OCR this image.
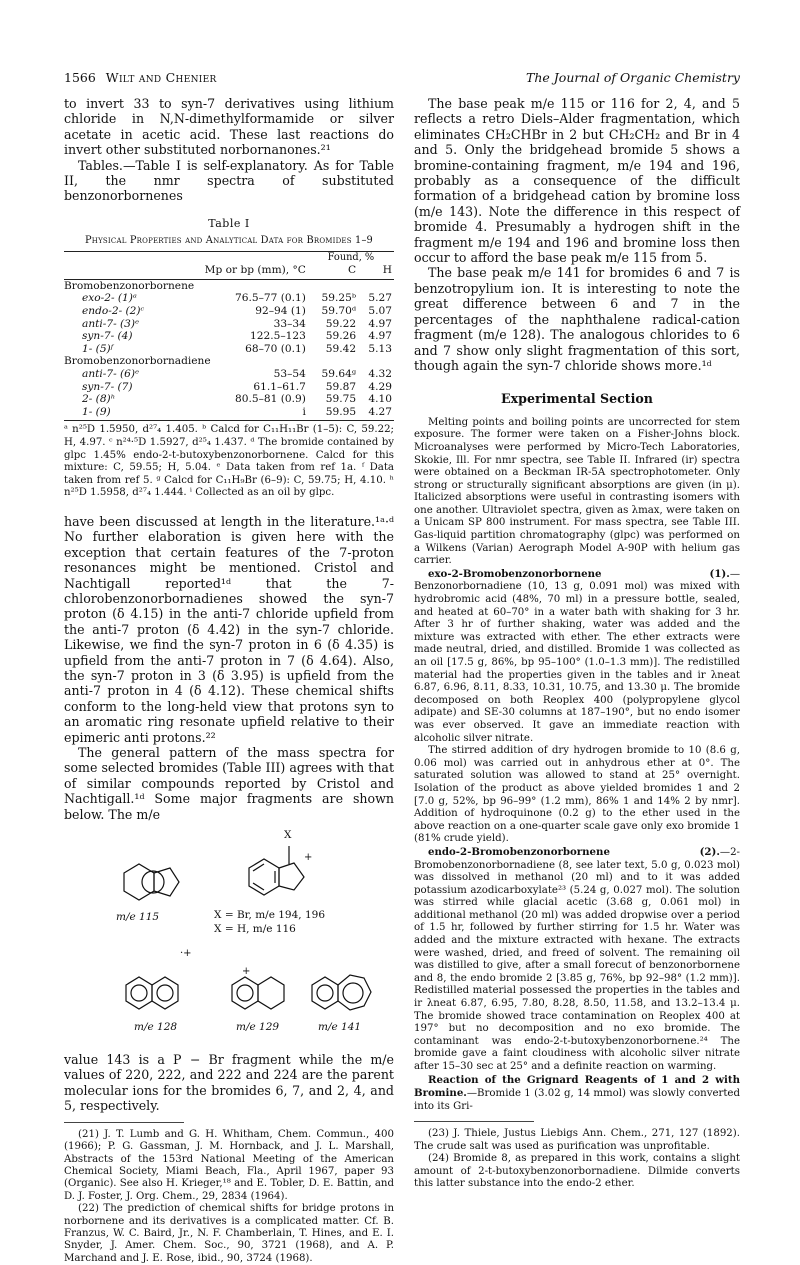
1566 Wilt and Chenier	The Journal of Organic Chemistry

to invert 33 to syn-7 derivatives using lithium chloride in N,N-dimethylformamide or silver acetate in acetic acid. These last reactions do invert other substituted norbornanones.²¹

Tables.—Table I is self-explanatory. As for Table II, the nmr spectra of substituted benzonorbornenes

Table I
Physical Properties and Analytical Data for Bromides 1–9
		Found, %	
	Mp or bp (mm), °C	C	H
Bromobenzonorbornene			
exo-2- (1)ᵃ	76.5–77 (0.1)	59.25ᵇ	5.27
endo-2- (2)ᶜ	92–94 (1)	59.70ᵈ	5.07
anti-7- (3)ᵉ	33–34	59.22	4.97
syn-7- (4)	122.5–123	59.26	4.97
1- (5)ᶠ	68–70 (0.1)	59.42	5.13
Bromobenzonorbornadiene			
anti-7- (6)ᵉ	53–54	59.64ᵍ	4.32
syn-7- (7)	61.1–61.7	59.87	4.29
2- (8)ʰ	80.5–81 (0.9)	59.75	4.10
1- (9)	i	59.95	4.27

ᵃ n²⁵D 1.5950, d²⁷₄ 1.405. ᵇ Calcd for C₁₁H₁₁Br (1–5): C, 59.22; H, 4.97. ᶜ n²⁴·⁵D 1.5927, d²⁵₄ 1.437. ᵈ The bromide contained by glpc 1.45% endo-2-t-butoxybenzonorbornene. Calcd for this mixture: C, 59.55; H, 5.04. ᵉ Data taken from ref 1a. ᶠ Data taken from ref 5. ᵍ Calcd for C₁₁H₉Br (6–9): C, 59.75; H, 4.10. ʰ n²⁵D 1.5958, d²⁷₄ 1.444. ⁱ Collected as an oil by glpc.

have been discussed at length in the literature.¹ᵃ·ᵈ No further elaboration is given here with the exception that certain features of the 7-proton resonances might be mentioned. Cristol and Nachtigall reported¹ᵈ that the 7-chlorobenzonorbornadienes showed the syn-7 proton (δ 4.15) in the anti-7 chloride upfield from the anti-7 proton (δ 4.42) in the syn-7 chloride. Likewise, we find the syn-7 proton in 6 (δ 4.35) is upfield from the anti-7 proton in 7 (δ 4.64). Also, the syn-7 proton in 3 (δ 3.95) is upfield from the anti-7 proton in 4 (δ 4.12). These chemical shifts conform to the long-held view that protons syn to an aromatic ring resonate upfield relative to their epimeric anti protons.²²

The general pattern of the mass spectra for some selected bromides (Table III) agrees with that of similar compounds reported by Cristol and Nachtigall.¹ᵈ Some major fragments are shown below. The m/e

X
+
·+
+
m/e 115	X = Br, m/e 194, 196
X = H, m/e 116
m/e 128	m/e 129	m/e 141

value 143 is a P − Br fragment while the m/e values of 220, 222, and 222 and 224 are the parent molecular ions for the bromides 6, 7, and 2, 4, and 5, respectively.

(21) J. T. Lumb and G. H. Whitham, Chem. Commun., 400 (1966); P. G. Gassman, J. M. Hornback, and J. L. Marshall, Abstracts of the 153rd National Meeting of the American Chemical Society, Miami Beach, Fla., April 1967, paper 93 (Organic). See also H. Krieger,¹⁸ and E. Tobler, D. E. Battin, and D. J. Foster, J. Org. Chem., 29, 2834 (1964).

(22) The prediction of chemical shifts for bridge protons in norbornene and its derivatives is a complicated matter. Cf. B. Franzus, W. C. Baird, Jr., N. F. Chamberlain, T. Hines, and E. I. Snyder, J. Amer. Chem. Soc., 90, 3721 (1968), and A. P. Marchand and J. E. Rose, ibid., 90, 3724 (1968).

The base peak m/e 115 or 116 for 2, 4, and 5 reflects a retro Diels–Alder fragmentation, which eliminates CH₂CHBr in 2 but CH₂CH₂ and Br in 4 and 5. Only the bridgehead bromide 5 shows a bromine-containing fragment, m/e 194 and 196, probably as a consequence of the difficult formation of a bridgehead cation by bromine loss (m/e 143). Note the difference in this respect of bromide 4. Presumably a hydrogen shift in the fragment m/e 194 and 196 and bromine loss then occur to afford the base peak m/e 115 from 5.

The base peak m/e 141 for bromides 6 and 7 is benzotropylium ion. It is interesting to note the great difference between 6 and 7 in the percentages of the naphthalene radical-cation fragment (m/e 128). The analogous chlorides to 6 and 7 show only slight fragmentation of this sort, though again the syn-7 chloride shows more.¹ᵈ

Experimental Section

Melting points and boiling points are uncorrected for stem exposure. The former were taken on a Fisher-Johns block. Microanalyses were performed by Micro-Tech Laboratories, Skokie, Ill. For nmr spectra, see Table II. Infrared (ir) spectra were obtained on a Beckman IR-5A spectrophotometer. Only strong or structurally significant absorptions are given (in μ). Italicized absorptions were useful in contrasting isomers with one another. Ultraviolet spectra, given as λmax, were taken on a Unicam SP 800 instrument. For mass spectra, see Table III. Gas-liquid partition chromatography (glpc) was performed on a Wilkens (Varian) Aerograph Model A-90P with helium gas carrier.

exo-2-Bromobenzonorbornene (1).—Benzonorbornadiene (10, 13 g, 0.091 mol) was mixed with hydrobromic acid (48%, 70 ml) in a pressure bottle, sealed, and heated at 60–70° in a water bath with shaking for 3 hr. After 3 hr of further shaking, water was added and the mixture was extracted with ether. The ether extracts were made neutral, dried, and distilled. Bromide 1 was collected as an oil [17.5 g, 86%, bp 95–100° (1.0–1.3 mm)]. The redistilled material had the properties given in the tables and ir λneat 6.87, 6.96, 8.11, 8.33, 10.31, 10.75, and 13.30 μ. The bromide decomposed on both Reoplex 400 (polypropylene glycol adipate) and SE-30 columns at 187–190°, but no endo isomer was ever observed. It gave an immediate reaction with alcoholic silver nitrate.

The stirred addition of dry hydrogen bromide to 10 (8.6 g, 0.06 mol) was carried out in anhydrous ether at 0°. The saturated solution was allowed to stand at 25° overnight. Isolation of the product as above yielded bromides 1 and 2 [7.0 g, 52%, bp 96–99° (1.2 mm), 86% 1 and 14% 2 by nmr]. Addition of hydroquinone (0.2 g) to the ether used in the above reaction on a one-quarter scale gave only exo bromide 1 (81% crude yield).

endo-2-Bromobenzonorbornene (2).—2-Bromobenzonorbornadiene (8, see later text, 5.0 g, 0.023 mol) was dissolved in methanol (20 ml) and to it was added potassium azodicarboxylate²³ (5.24 g, 0.027 mol). The solution was stirred while glacial acetic (3.68 g, 0.061 mol) in additional methanol (20 ml) was added dropwise over a period of 1.5 hr, followed by further stirring for 1.5 hr. Water was added and the mixture extracted with hexane. The extracts were washed, dried, and freed of solvent. The remaining oil was distilled to give, after a small forecut of benzonorbornene and 8, the endo bromide 2 [3.85 g, 76%, bp 92–98° (1.2 mm)]. Redistilled material possessed the properties in the tables and ir λneat 6.87, 6.95, 7.80, 8.28, 8.50, 11.58, and 13.2–13.4 μ. The bromide showed trace contamination on Reoplex 400 at 197° but no decomposition and no exo bromide. The contaminant was endo-2-t-butoxybenzonorbornene.²⁴ The bromide gave a faint cloudiness with alcoholic silver nitrate after 15–30 sec at 25° and a definite reaction on warming.

Reaction of the Grignard Reagents of 1 and 2 with Bromine.—Bromide 1 (3.02 g, 14 mmol) was slowly converted into its Gri-

(23) J. Thiele, Justus Liebigs Ann. Chem., 271, 127 (1892). The crude salt was used as purification was unprofitable.

(24) Bromide 8, as prepared in this work, contains a slight amount of 2-t-butoxybenzonorbornadiene. Dilmide converts this latter substance into the endo-2 ether.
